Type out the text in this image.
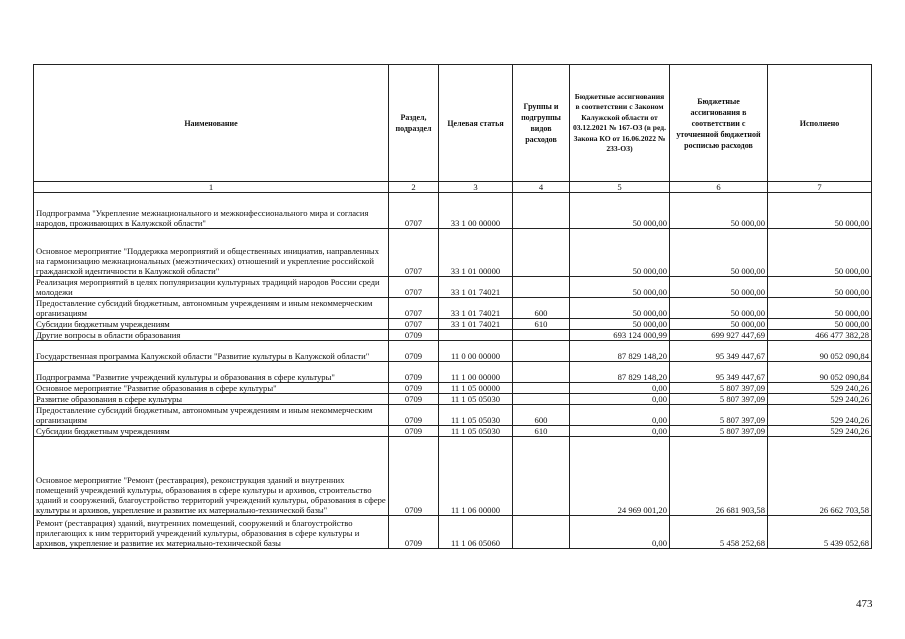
Наименование	Раздел, подраздел	Целевая статья	Группы и подгруппы видов расходов	Бюджетные ассигнования в соответствии с Законом Калужской области от 03.12.2021 № 167-ОЗ (в ред. Закона КО от 16.06.2022 № 233-ОЗ)	Бюджетные ассигнования в соответствии с уточненной бюджетной росписью расходов	Исполнено
1	2	3	4	5	6	7
Подпрограмма "Укрепление межнационального и межконфессионального мира и согласия народов, проживающих в Калужской области"	0707	33 1 00 00000		50 000,00	50 000,00	50 000,00
Основное мероприятие "Поддержка мероприятий и общественных инициатив, направленных на гармонизацию межнациональных (межэтнических) отношений и укрепление российской гражданской идентичности в Калужской области"	0707	33 1 01 00000		50 000,00	50 000,00	50 000,00
Реализация мероприятий в целях популяризации культурных традиций народов России среди молодежи	0707	33 1 01 74021		50 000,00	50 000,00	50 000,00
Предоставление субсидий бюджетным, автономным учреждениям и иным некоммерческим организациям	0707	33 1 01 74021	600	50 000,00	50 000,00	50 000,00
Субсидии бюджетным учреждениям	0707	33 1 01 74021	610	50 000,00	50 000,00	50 000,00
Другие вопросы в области образования	0709			693 124 000,99	699 927 447,69	466 477 382,28
Государственная программа Калужской области "Развитие культуры в Калужской области"	0709	11 0 00 00000		87 829 148,20	95 349 447,67	90 052 090,84
Подпрограмма "Развитие учреждений культуры и образования в сфере культуры"	0709	11 1 00 00000		87 829 148,20	95 349 447,67	90 052 090,84
Основное мероприятие "Развитие образования в сфере культуры"	0709	11 1 05 00000		0,00	5 807 397,09	529 240,26
Развитие образования в сфере культуры	0709	11 1 05 05030		0,00	5 807 397,09	529 240,26
Предоставление субсидий бюджетным, автономным учреждениям и иным некоммерческим организациям	0709	11 1 05 05030	600	0,00	5 807 397,09	529 240,26
Субсидии бюджетным учреждениям	0709	11 1 05 05030	610	0,00	5 807 397,09	529 240,26
Основное мероприятие "Ремонт (реставрация), реконструкция зданий и внутренних помещений учреждений культуры, образования в сфере культуры и архивов, строительство зданий и сооружений, благоустройство территорий учреждений культуры, образования в сфере культуры и архивов, укрепление и развитие их материально-технической базы"	0709	11 1 06 00000		24 969 001,20	26 681 903,58	26 662 703,58
Ремонт (реставрация) зданий, внутренних помещений, сооружений и благоустройство прилегающих к ним территорий учреждений культуры, образования в сфере культуры и архивов, укрепление и развитие их материально-технической базы	0709	11 1 06 05060		0,00	5 458 252,68	5 439 052,68
473
